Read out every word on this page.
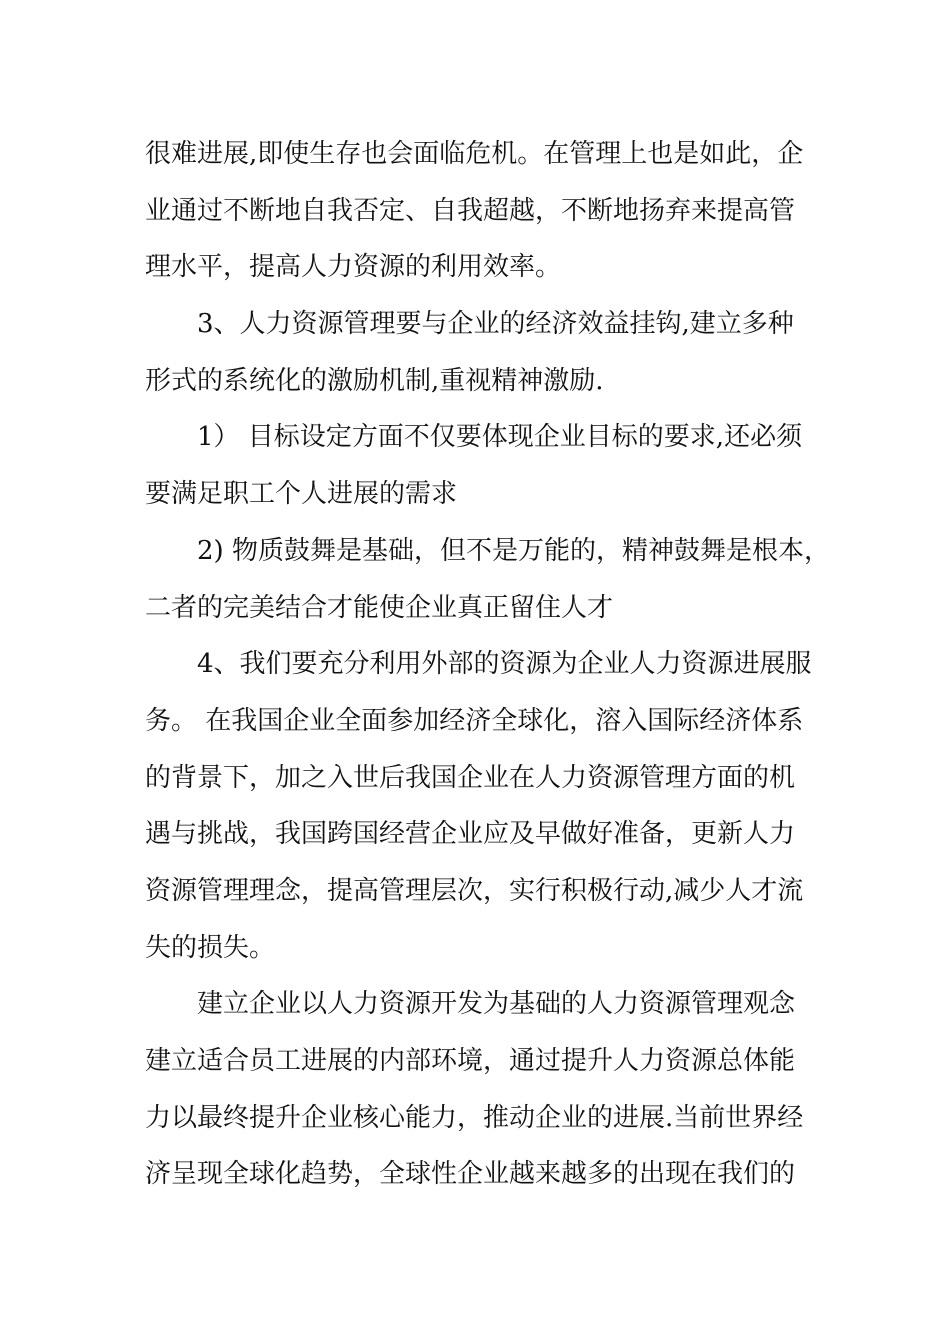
很难进展,即使生存也会面临危机。在管理上也是如此，企
业通过不断地自我否定、自我超越，不断地扬弃来提高管
理水平，提高人力资源的利用效率。
3、人力资源管理要与企业的经济效益挂钩,建立多种
形式的系统化的激励机制,重视精神激励.
1） 目标设定方面不仅要体现企业目标的要求,还必须
要满足职工个人进展的需求
2) 物质鼓舞是基础，但不是万能的，精神鼓舞是根本，
二者的完美结合才能使企业真正留住人才
4、我们要充分利用外部的资源为企业人力资源进展服
务。 在我国企业全面参加经济全球化，溶入国际经济体系
的背景下，加之入世后我国企业在人力资源管理方面的机
遇与挑战，我国跨国经营企业应及早做好准备，更新人力
资源管理理念，提高管理层次，实行积极行动,减少人才流
失的损失。
建立企业以人力资源开发为基础的人力资源管理观念
建立适合员工进展的内部环境，通过提升人力资源总体能
力以最终提升企业核心能力，推动企业的进展.当前世界经
济呈现全球化趋势，全球性企业越来越多的出现在我们的
